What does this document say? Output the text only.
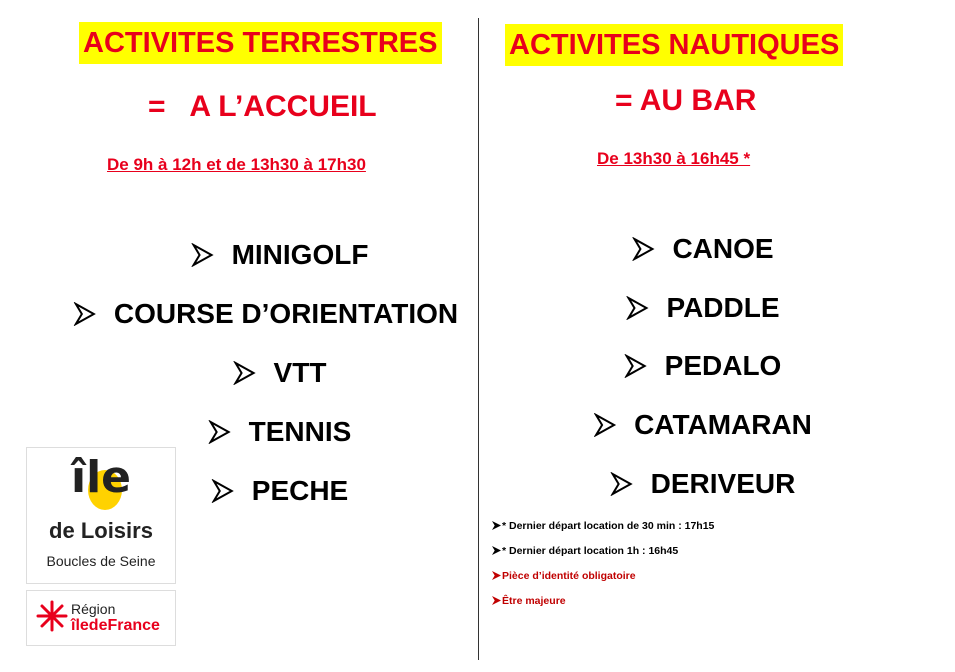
ACTIVITES TERRESTRES
=   A L’ACCUEIL
De 9h à 12h et de 13h30 à 17h30
MINIGOLF
COURSE D’ORIENTATION
VTT
TENNIS
PECHE
ACTIVITES NAUTIQUES
= AU BAR
De 13h30 à 16h45 *
CANOE
PADDLE
PEDALO
CATAMARAN
DERIVEUR
* Dernier départ location de 30 min : 17h15
* Dernier départ location 1h : 16h45
Pièce d’identité obligatoire
Être majeure
île
de Loisirs
Boucles de Seine
Région
îledeFrance
